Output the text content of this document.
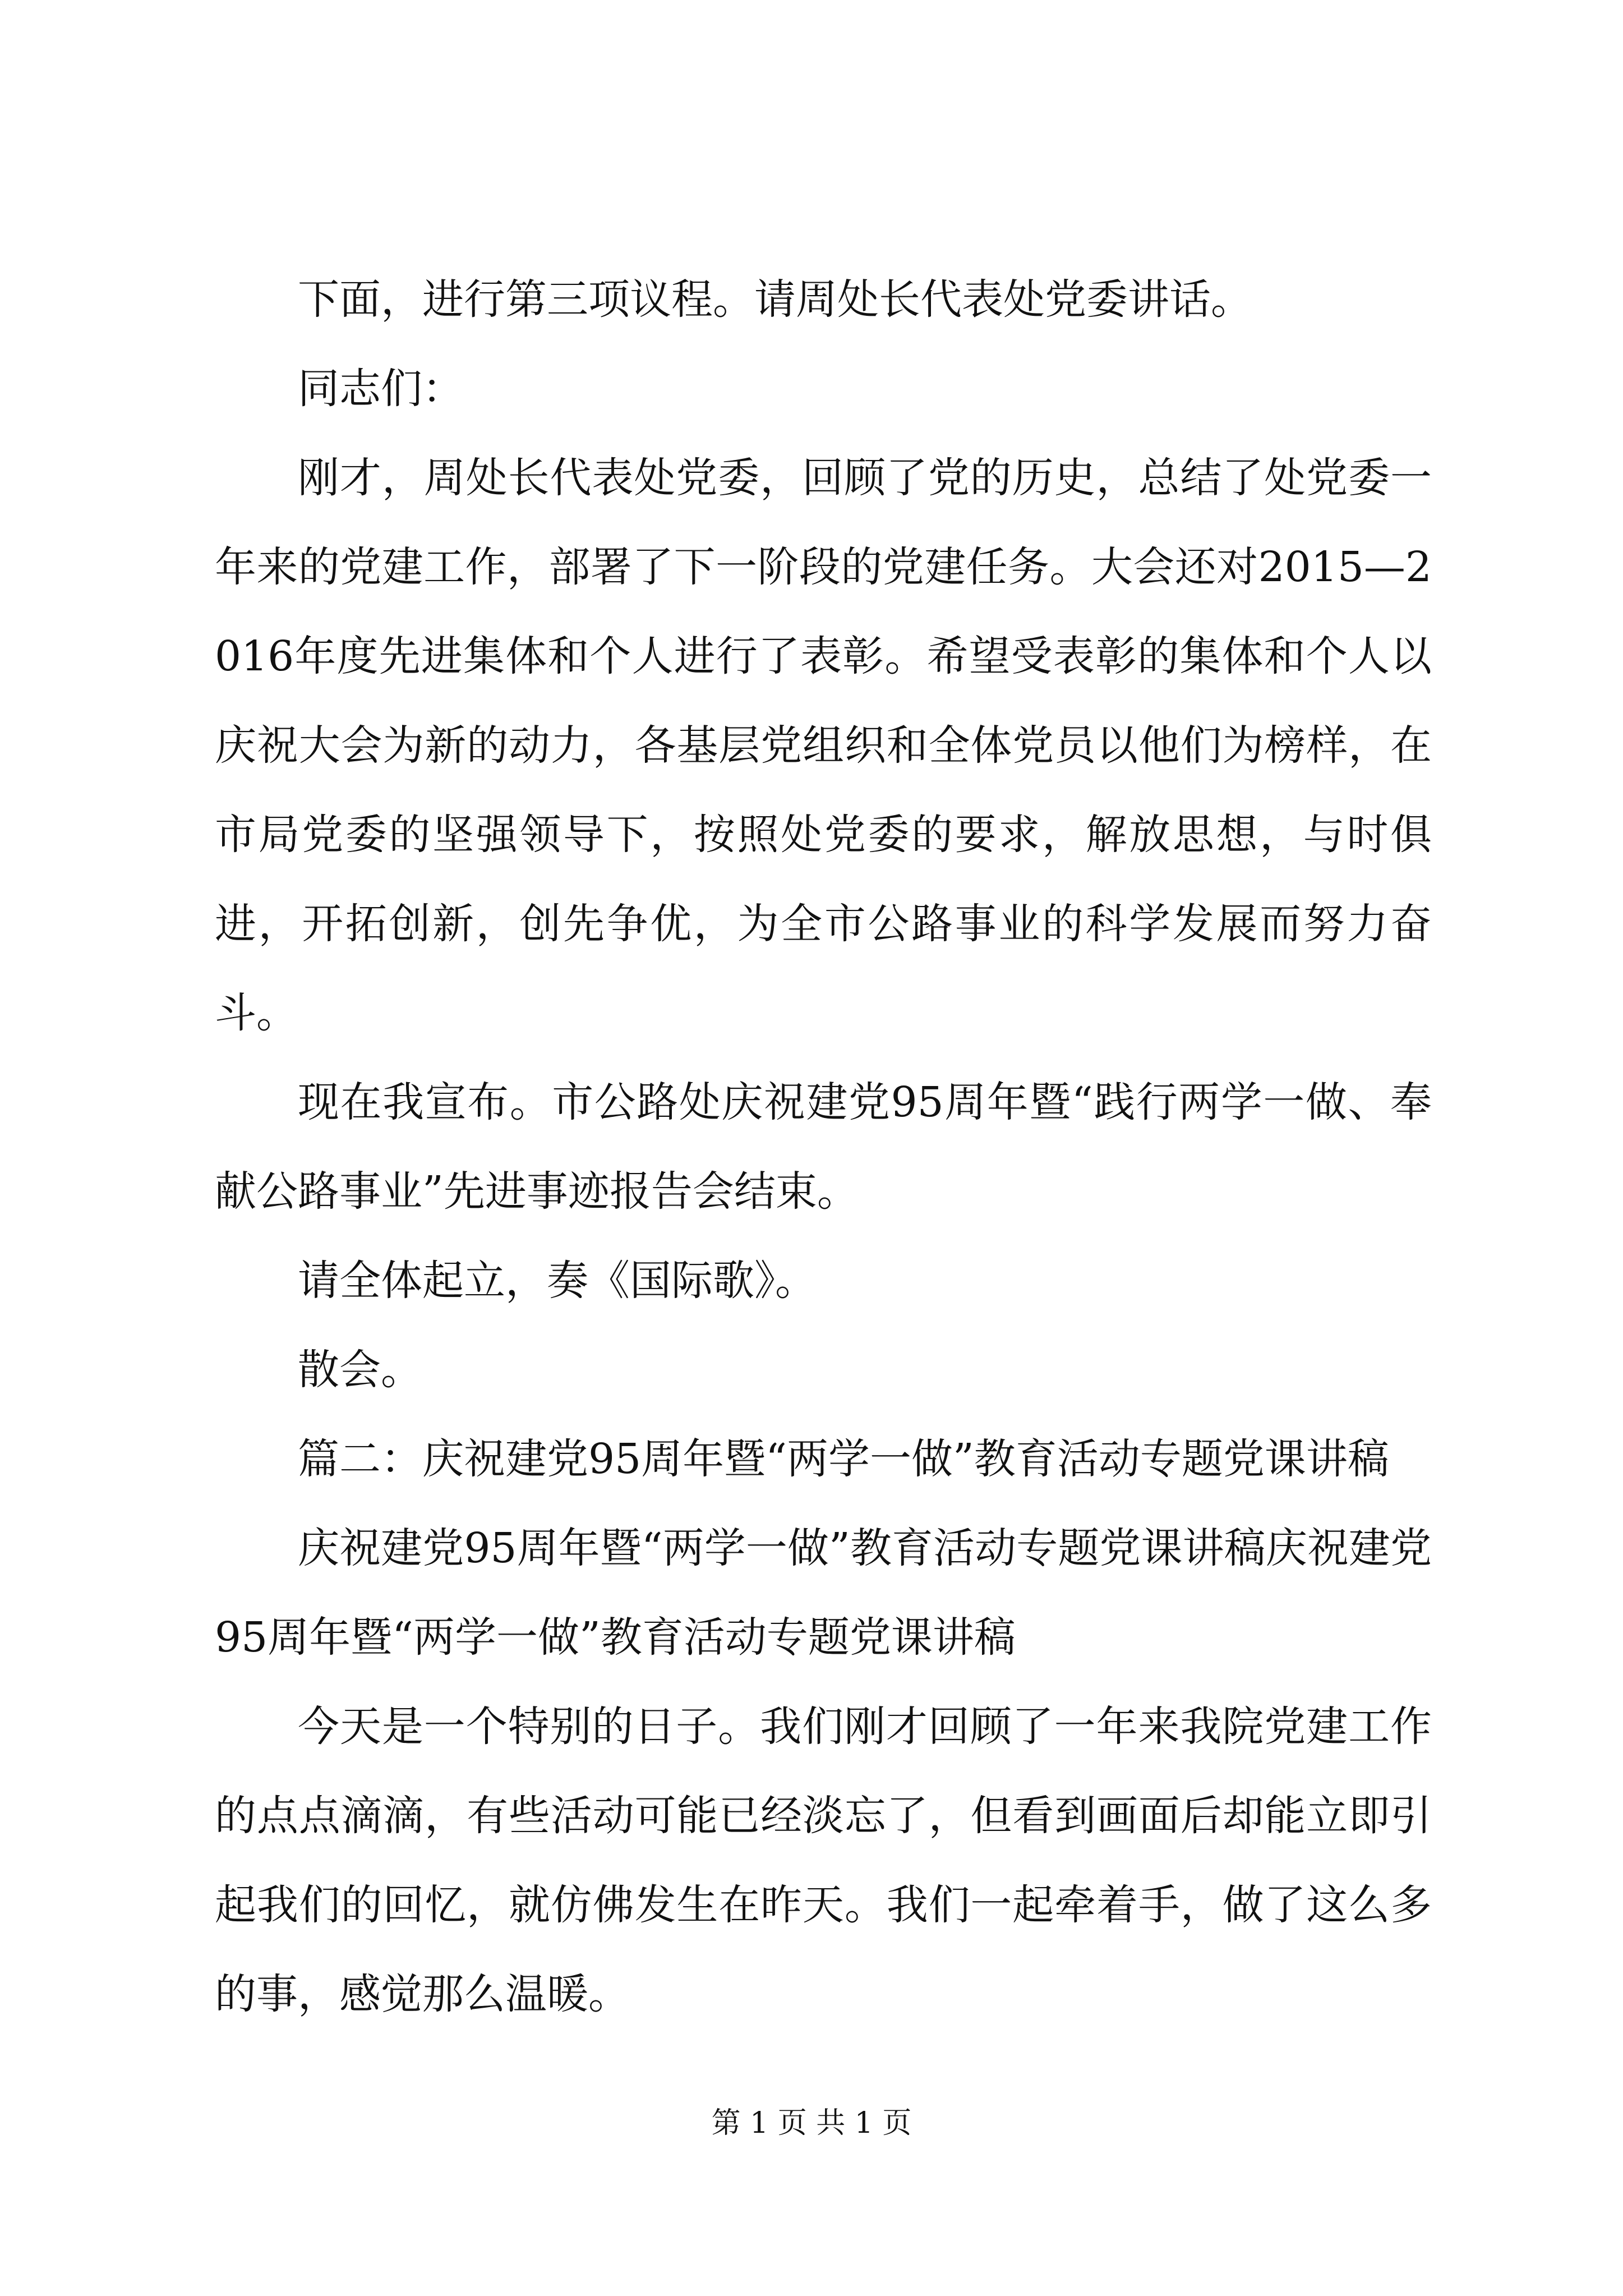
下面，进行第三项议程。请周处长代表处党委讲话。

同志们：

刚才，周处长代表处党委，回顾了党的历史，总结了处党委一年来的党建工作，部署了下一阶段的党建任务。大会还对2015—2016年度先进集体和个人进行了表彰。希望受表彰的集体和个人以庆祝大会为新的动力，各基层党组织和全体党员以他们为榜样，在市局党委的坚强领导下，按照处党委的要求，解放思想，与时俱进，开拓创新，创先争优，为全市公路事业的科学发展而努力奋斗。

现在我宣布。市公路处庆祝建党95周年暨“践行两学一做、奉献公路事业”先进事迹报告会结束。

请全体起立，奏《国际歌》。

散会。

篇二：庆祝建党95周年暨“两学一做”教育活动专题党课讲稿

庆祝建党95周年暨“两学一做”教育活动专题党课讲稿庆祝建党95周年暨“两学一做”教育活动专题党课讲稿

今天是一个特别的日子。我们刚才回顾了一年来我院党建工作的点点滴滴，有些活动可能已经淡忘了，但看到画面后却能立即引起我们的回忆，就仿佛发生在昨天。我们一起牵着手，做了这么多的事，感觉那么温暖。

第 1 页 共 1 页
